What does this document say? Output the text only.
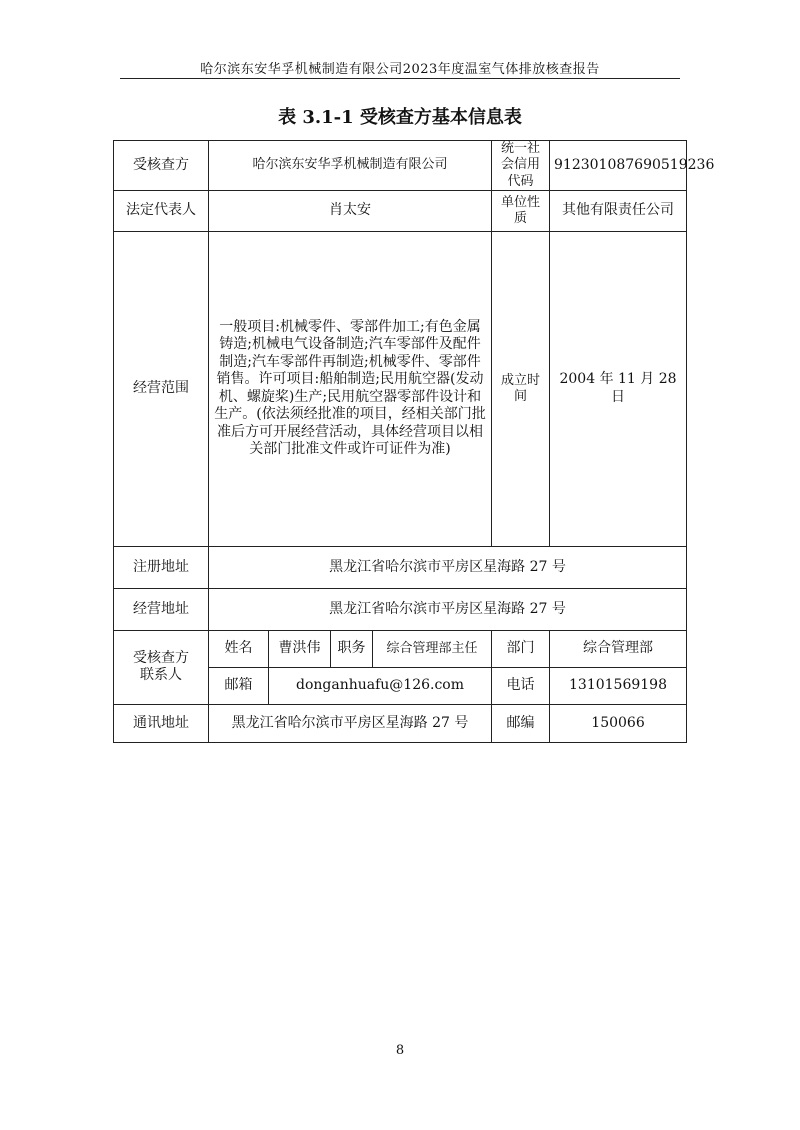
哈尔滨东安华孚机械制造有限公司2023年度温室气体排放核查报告
表 3.1-1 受核查方基本信息表
受核查方	哈尔滨东安华孚机械制造有限公司				统一社会信用代码	912301087690519236
法定代表人	肖太安				单位性质	其他有限责任公司
经营范围	一般项目:机械零件、零部件加工;有色金属铸造;机械电气设备制造;汽车零部件及配件制造;汽车零部件再制造;机械零件、零部件销售。许可项目:船舶制造;民用航空器(发动机、螺旋桨)生产;民用航空器零部件设计和生产。(依法须经批准的项目，经相关部门批准后方可开展经营活动，具体经营项目以相关部门批准文件或许可证件为准)				成立时间	2004 年 11 月 28 日
注册地址	黑龙江省哈尔滨市平房区星海路 27 号					
经营地址	黑龙江省哈尔滨市平房区星海路 27 号					
受核查方联系人	姓名	曹洪伟	职务	综合管理部主任	部门	综合管理部
	邮箱	donganhuafu@126.com			电话	13101569198
通讯地址	黑龙江省哈尔滨市平房区星海路 27 号				邮编	150066
8
